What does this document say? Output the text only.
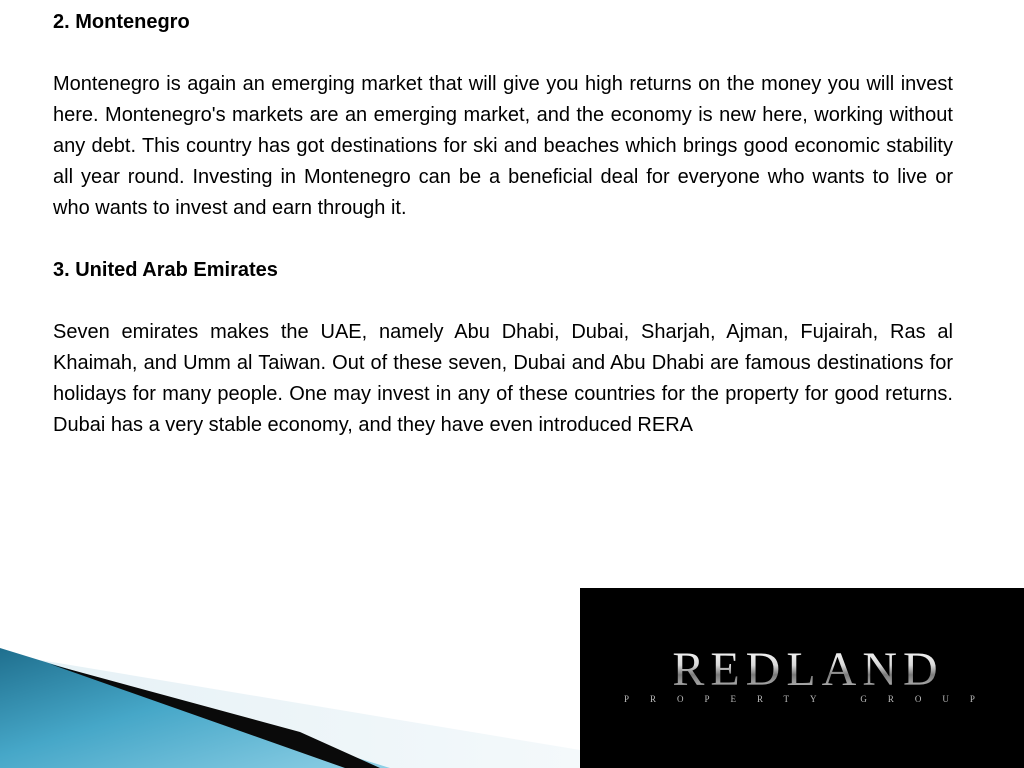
2. Montenegro

Montenegro is again an emerging market that will give you high returns on the money you will invest here. Montenegro's markets are an emerging market, and the economy is new here, working without any debt. This country has got destinations for ski and beaches which brings good economic stability all year round. Investing in Montenegro can be a beneficial deal for everyone who wants to live or who wants to invest and earn through it.

3. United Arab Emirates

Seven emirates makes the UAE, namely Abu Dhabi, Dubai, Sharjah, Ajman, Fujairah, Ras al Khaimah, and Umm al Taiwan. Out of these seven, Dubai and Abu Dhabi are famous destinations for holidays for many people. One may invest in any of these countries for the property for good returns. Dubai has a very stable economy, and they have even introduced RERA

REDLAND
PROPERTY GROUP
